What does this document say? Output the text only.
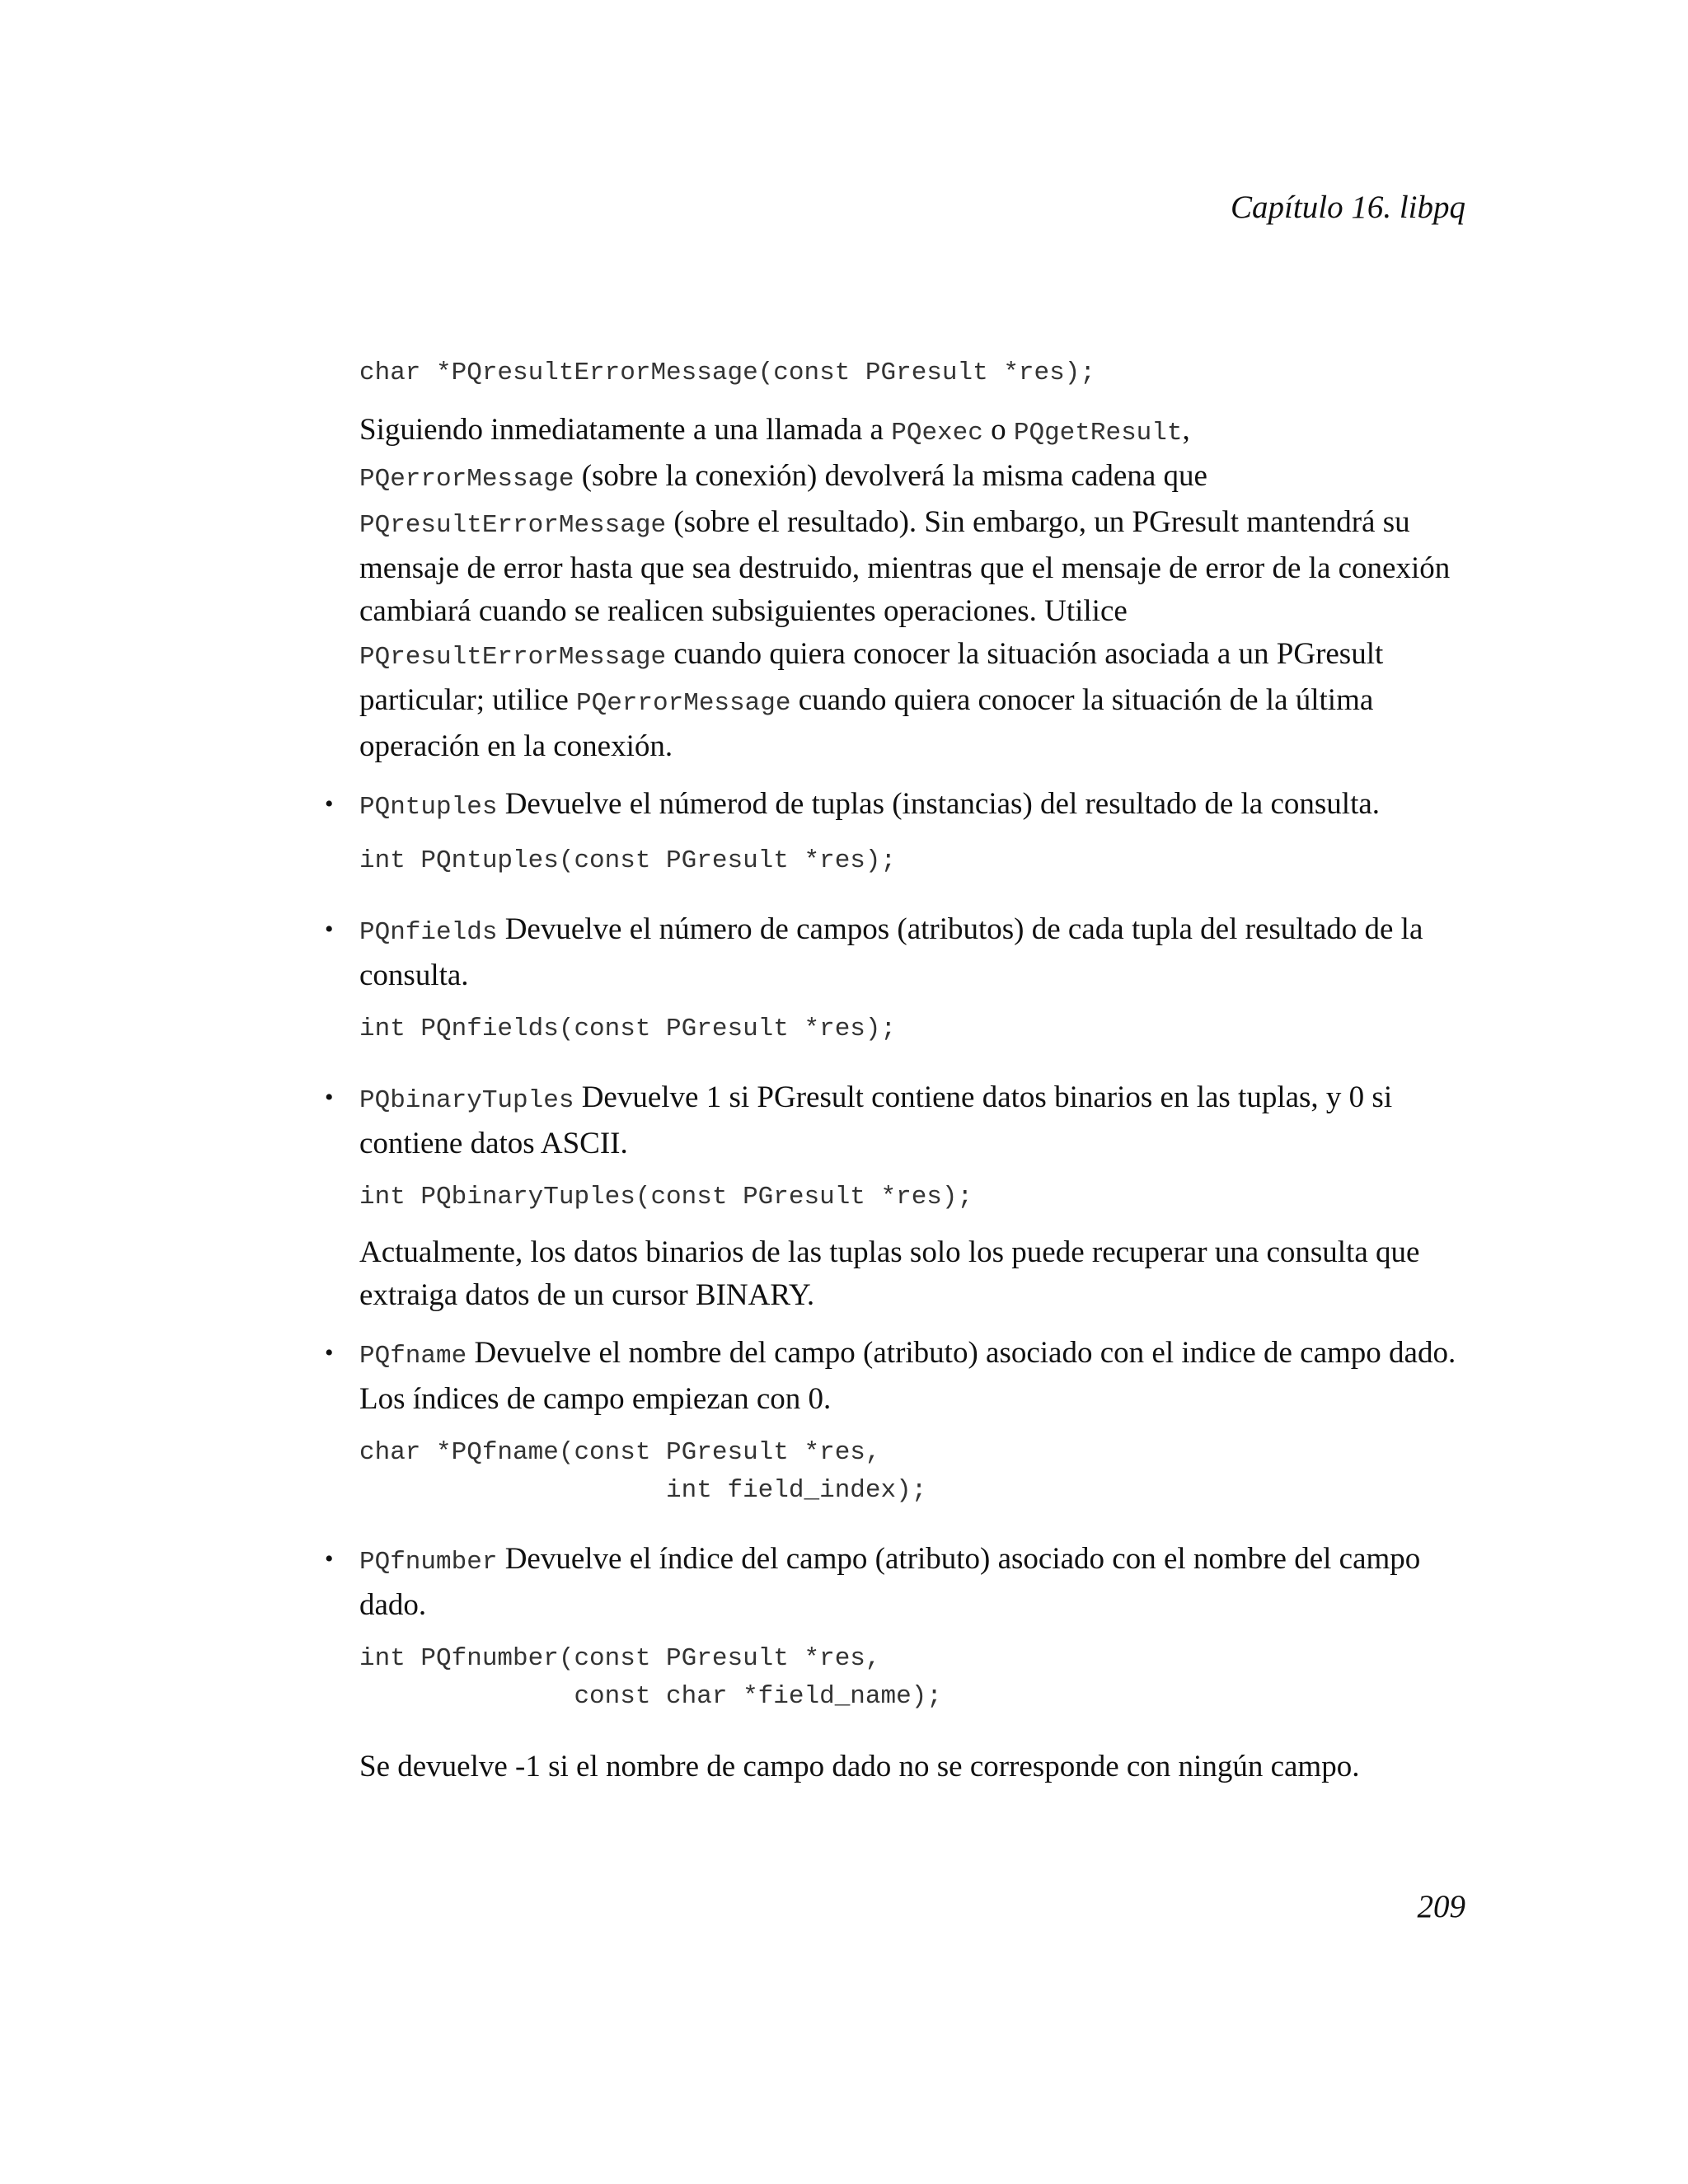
Capítulo 16. libpq
char *PQresultErrorMessage(const PGresult *res);

Siguiendo inmediatamente a una llamada a PQexec o PQgetResult,
PQerrorMessage (sobre la conexión) devolverá la misma cadena que
PQresultErrorMessage (sobre el resultado). Sin embargo, un PGresult mantendrá su mensaje de error hasta que sea destruido, mientras que el mensaje de error de la conexión cambiará cuando se realicen subsiguientes operaciones. Utilice
PQresultErrorMessage cuando quiera conocer la situación asociada a un PGresult particular; utilice PQerrorMessage cuando quiera conocer la situación de la última operación en la conexión.

• PQntuples Devuelve el númerod de tuplas (instancias) del resultado de la consulta.

int PQntuples(const PGresult *res);
• PQnfields Devuelve el número de campos (atributos) de cada tupla del resultado de la consulta.

int PQnfields(const PGresult *res);
• PQbinaryTuples Devuelve 1 si PGresult contiene datos binarios en las tuplas, y 0 si contiene datos ASCII.

int PQbinaryTuples(const PGresult *res);

Actualmente, los datos binarios de las tuplas solo los puede recuperar una consulta que extraiga datos de un cursor BINARY.

• PQfname Devuelve el nombre del campo (atributo) asociado con el indice de campo dado. Los índices de campo empiezan con 0.

char *PQfname(const PGresult *res,
int field_index);
• PQfnumber Devuelve el índice del campo (atributo) asociado con el nombre del campo dado.

int PQfnumber(const PGresult *res,
const char *field_name);

Se devuelve -1 si el nombre de campo dado no se corresponde con ningún campo.

209
